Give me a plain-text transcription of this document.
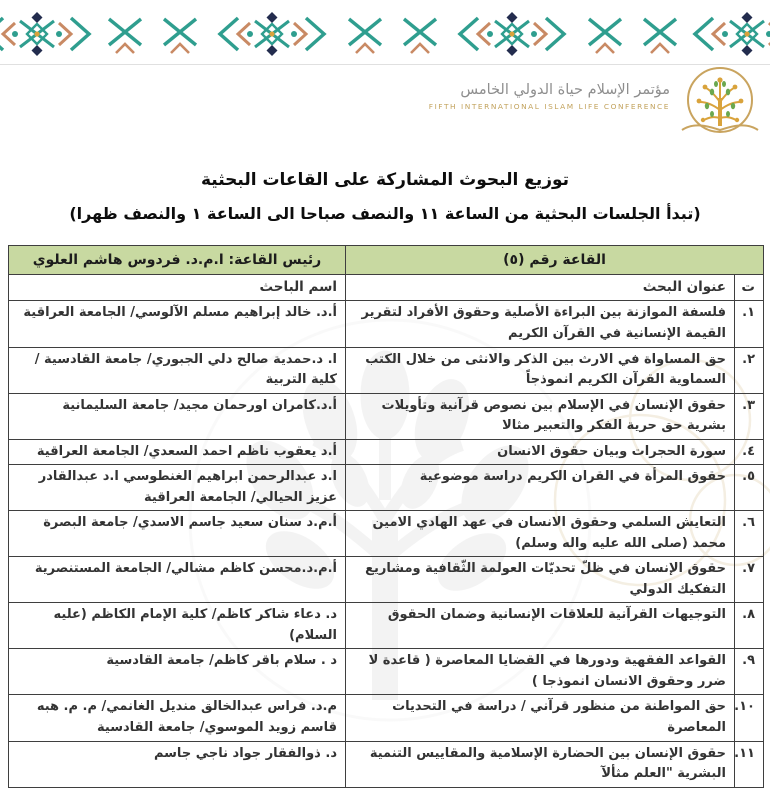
مؤتمر الإسلام حياة الدولي الخامس
FIFTH INTERNATIONAL ISLAM LIFE CONFERENCE
توزيع البحوث المشاركة على القاعات البحثية
(تبدأ الجلسات البحثية من الساعة ١١ والنصف صباحا الى الساعة ١ والنصف ظهرا)
القاعة رقم (٥)		رئيس القاعة: ا.م.د. فردوس هاشم العلوي
ت	عنوان البحث	اسم الباحث
١.	فلسفة الموازنة بين البراءة الأصلية وحقوق الأفراد لتقرير القيمة الإنسانية في القرآن الكريم	أ.د. خالد إبراهيم مسلم الآلوسي/ الجامعة العراقية
٢.	حق المساواة في الارث بين الذكر والانثى من خلال الكتب السماوية القرآن الكريم انموذجاً	ا. د.حمدية صالح دلي الجبوري/ جامعة القادسية / كلية التربية
٣.	حقوق الإنسان في الإسلام بين نصوص قرآنية وتأويلات بشرية حق حرية الفكر والتعبير مثالا	أ.د.كامران اورحمان مجيد/ جامعة السليمانية
٤.	سورة الحجرات وبيان حقوق الانسان	أ.د يعقوب ناظم احمد السعدي/ الجامعة العراقية
٥.	حقوق المرأة في القران الكريم دراسة موضوعية	ا.د عبدالرحمن ابراهيم الغنطوسي ا.د عبدالقادر عزيز الحيالي/ الجامعة العراقية
٦.	التعايش السلمي وحقوق الانسان في عهد الهادي الامين محمد (صلى الله عليه واله وسلم)	أ.م.د سنان سعيد جاسم الاسدي/ جامعة البصرة
٧.	حقوق الإنسان في ظلّ تحديّات العولمة الثّقافية ومشاريع التفكيك الدولي	أ.م.د.محسن كاظم مشالي/ الجامعة المستنصرية
٨.	التوجيهات القرآنية للعلاقات الإنسانية وضمان الحقوق	د. دعاء شاكر كاظم/ كلية الإمام الكاظم (عليه السلام)
٩.	القواعد الفقهية ودورها في القضايا المعاصرة ( قاعدة لا ضرر وحقوق الانسان انموذجا )	د . سلام باقر كاظم/ جامعة القادسية
١٠.	حق المواطنة من منظور قرآني / دراسة في التحديات المعاصرة	م.د. فراس عبدالخالق منديل الغانمي/ م. م. هبه قاسم زويد الموسوي/ جامعة القادسية
١١.	حقوق الإنسان بين الحضارة الإسلامية والمقاييس التنمية البشرية "العلم مثألآ	د. ذوالفقار جواد ناجي جاسم
